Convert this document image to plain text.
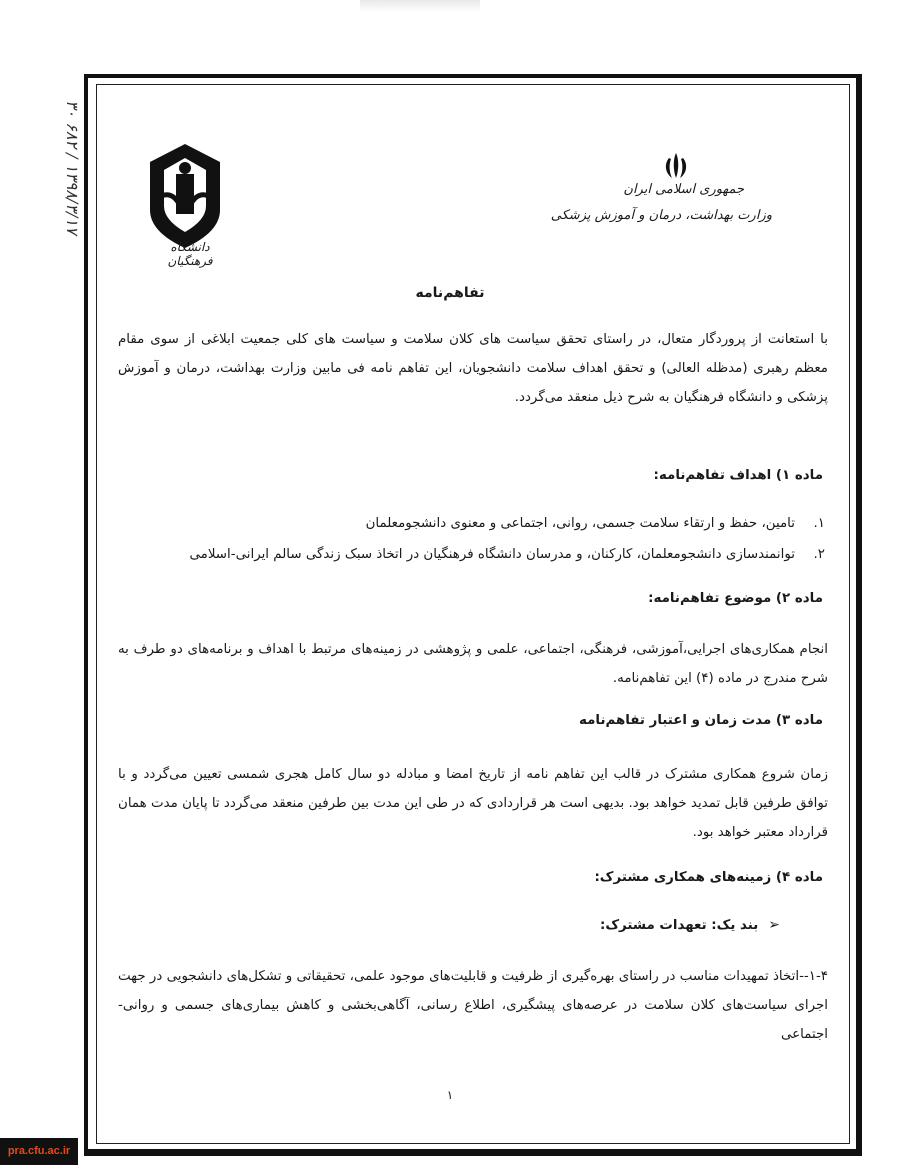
۳۰ ۶۸۲ / ۱۳۹۸/۳/۱۷
دانشگاه فرهنگیان
جمهوری اسلامی ایران
وزارت بهداشت، درمان و آموزش پزشکی
تفاهم‌نامه
با استعانت از پروردگار متعال، در راستای تحقق سیاست های کلان سلامت و سیاست های کلی جمعیت ابلاغی از سوی مقام معظم رهبری (مدظله العالی) و تحقق اهداف سلامت دانشجویان، این تفاهم نامه فی مابین وزارت بهداشت، درمان و آموزش پزشکی و دانشگاه فرهنگیان به شرح ذیل منعقد می‌گردد.
ماده ۱) اهداف تفاهم‌نامه:
۱.تامین، حفظ و ارتقاء سلامت جسمی، روانی، اجتماعی و معنوی دانشجومعلمان
۲.توانمندسازی دانشجومعلمان، کارکنان، و مدرسان دانشگاه فرهنگیان در اتخاذ سبک زندگی سالم ایرانی-اسلامی
ماده ۲) موضوع تفاهم‌نامه:
انجام همکاری‌های اجرایی،آموزشی، فرهنگی، اجتماعی، علمی و پژوهشی در زمینه‌های مرتبط با اهداف و برنامه‌های دو طرف به شرح مندرج در ماده (۴) این تفاهم‌نامه.
ماده ۳) مدت زمان و اعتبار تفاهم‌نامه
زمان شروع همکاری مشترک در قالب این تفاهم نامه از تاریخ امضا و مبادله دو سال کامل هجری شمسی تعیین می‌گردد و با توافق طرفین قابل تمدید خواهد بود. بدیهی است هر قراردادی که در طی این مدت بین طرفین منعقد می‌گردد تا پایان مدت همان قرارداد معتبر خواهد بود.
ماده ۴) زمینه‌های همکاری مشترک:
➢بند یک: تعهدات مشترک:
۱-۴--اتخاذ تمهیدات مناسب در راستای بهره‌گیری از ظرفیت و قابلیت‌های موجود علمی، تحقیقاتی و تشکل‌های دانشجویی در جهت اجرای سیاست‌های کلان سلامت در عرصه‌های پیشگیری، اطلاع رسانی، آگاهی‌بخشی و کاهش بیماری‌های جسمی و روانی-اجتماعی
۱
pra.cfu.ac.ir
